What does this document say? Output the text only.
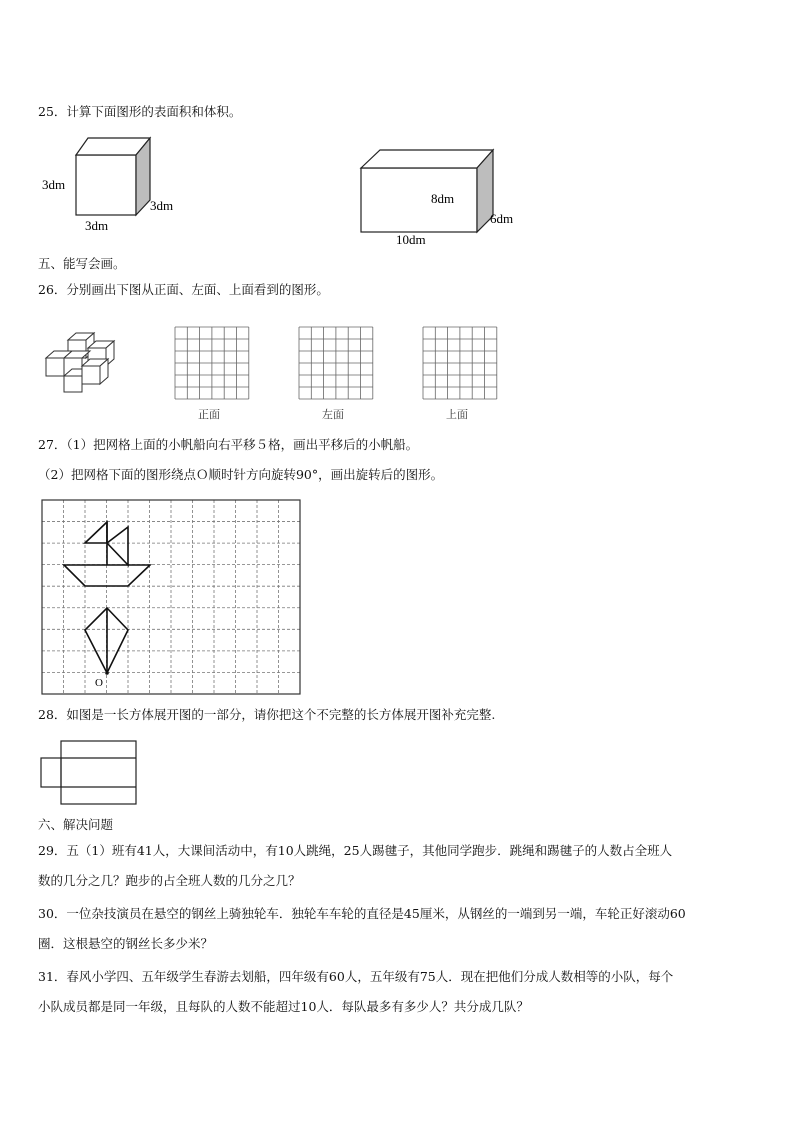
25．计算下面图形的表面积和体积。

3dm
3dm
3dm	8dm
10dm
6dm

五、能写会画。

26．分别画出下图从正面、左面、上面看到的图形。

正面	左面	上面

27．（1）把网格上面的小帆船向右平移５格，画出平移后的小帆船。

（2）把网格下面的图形绕点Ｏ顺时针方向旋转90°，画出旋转后的图形。

O

28．如图是一长方体展开图的一部分，请你把这个不完整的长方体展开图补充完整.

六、解决问题

29．五（1）班有41人，大课间活动中，有10人跳绳，25人踢毽子，其他同学跑步．跳绳和踢毽子的人数占全班人

数的几分之几？跑步的占全班人数的几分之几？

30．一位杂技演员在悬空的钢丝上骑独轮车．独轮车车轮的直径是45厘米，从钢丝的一端到另一端，车轮正好滚动60

圈．这根悬空的钢丝长多少米？

31．春风小学四、五年级学生春游去划船，四年级有60人，五年级有75人．现在把他们分成人数相等的小队，每个

小队成员都是同一年级，且每队的人数不能超过10人．每队最多有多少人？共分成几队？
